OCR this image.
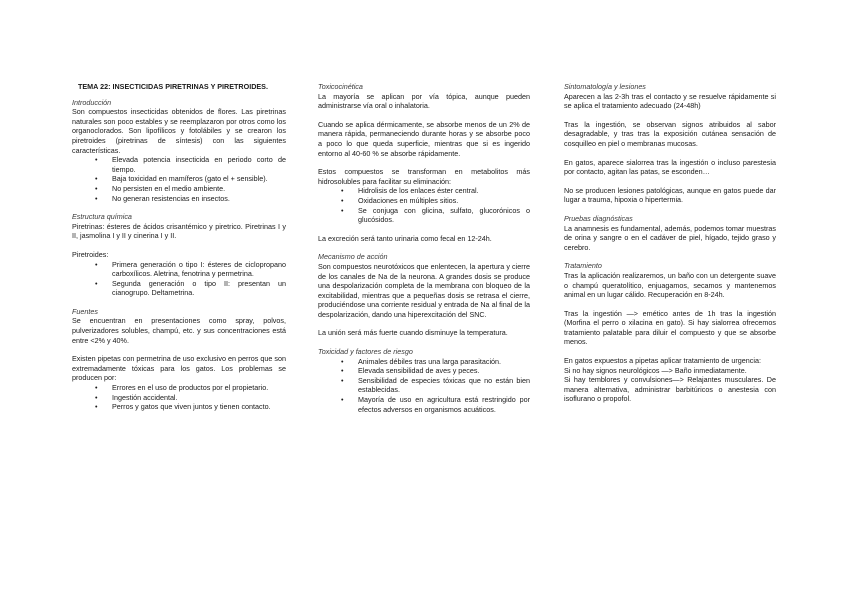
TEMA 22: INSECTICIDAS PIRETRINAS Y PIRETROIDES.
Introducción

Son compuestos insecticidas obtenidos de flores. Las piretrinas naturales son poco estables y se reemplazaron por otros como los organoclorados. Son lipofílicos y fotolábiles y se crearon los piretroides (piretrinas de síntesis) con las siguientes características.

• Elevada potencia insecticida en periodo corto de tiempo.
• Baja toxicidad en mamíferos (gato el + sensible).
• No persisten en el medio ambiente.
• No generan resistencias en insectos.
Estructura química

Piretrinas: ésteres de ácidos crisantémico y piretrico. Piretrinas I y II, jasmolina I y II y cinerina I y II.

Piretroides:
• Primera generación o tipo I: ésteres de ciclopropano carboxílicos. Aletrina, fenotrina y permetrina.
• Segunda generación o tipo II: presentan un cianogrupo. Deltametrina.
Fuentes

Se encuentran en presentaciones como spray, polvos, pulverizadores solubles, champú, etc. y sus concentraciones está entre <2% y 40%.

Existen pipetas con permetrina de uso exclusivo en perros que son extremadamente tóxicas para los gatos. Los problemas se producen por:

• Errores en el uso de productos por el propietario.
• Ingestión accidental.
• Perros y gatos que viven juntos y tienen contacto.
Toxicocinética

La mayoría se aplican por vía tópica, aunque pueden administrarse vía oral o inhalatoria.

Cuando se aplica dérmicamente, se absorbe menos de un 2% de manera rápida, permaneciendo durante horas y se absorbe poco a poco lo que queda superficie, mientras que si es ingerido entorno al 40-60 % se absorbe rápidamente.

Estos compuestos se transforman en metabolitos más hidrosolubles para facilitar su eliminación:

• Hidrolisis de los enlaces éster central.
• Oxidaciones en múltiples sitios.
• Se conjuga con glicina, sulfato, glucorónicos o glucósidos.

La excreción será tanto urinaria como fecal en 12-24h.

Mecanismo de acción

Son compuestos neurotóxicos que enlentecen, la apertura y cierre de los canales de Na de la neurona. A grandes dosis se produce una despolarización completa de la membrana con bloqueo de la excitabilidad, mientras que a pequeñas dosis se retrasa el cierre, produciéndose una corriente residual y entrada de Na al final de la despolarización, dando una hiperexcitación del SNC.

La unión será más fuerte cuando disminuye la temperatura.

Toxicidad y factores de riesgo
• Animales débiles tras una larga parasitación.
• Elevada sensibilidad de aves y peces.
• Sensibilidad de especies tóxicas que no están bien establecidas.
• Mayoría de uso en agricultura está restringido por efectos adversos en organismos acuáticos.
Sintomatología y lesiones

Aparecen a las 2-3h tras el contacto y se resuelve rápidamente si se aplica el tratamiento adecuado (24-48h)

Tras la ingestión, se observan signos atribuidos al sabor desagradable, y tras tras la exposición cutánea sensación de cosquilleo en piel o membranas mucosas.

En gatos, aparece sialorrea tras la ingestión o incluso parestesia por contacto, agitan las patas, se esconden…

No se producen lesiones patológicas, aunque en gatos puede dar lugar a trauma, hipoxia o hipertermia.

Pruebas diagnósticas

La anamnesis es fundamental, además, podemos tomar muestras de orina y sangre o en el cadáver de piel, hígado, tejido graso y cerebro.

Tratamiento

Tras la aplicación realizaremos, un baño con un detergente suave o champú queratolítico, enjuagamos, secamos y mantenemos animal en un lugar cálido. Recuperación en 8-24h.

Tras la ingestión —> emético antes de 1h tras la ingestión (Morfina el perro o xilacina en gato). Si hay sialorrea ofrecemos tratamiento palatable para diluir el compuesto y que se absorbe menos.

En gatos expuestos a pipetas aplicar tratamiento de urgencia:

Si no hay signos neurológicos —> Baño inmediatamente.
Si hay temblores y convulsiones—> Relajantes musculares. De manera alternativa, administrar barbitúricos o anestesia con isoflurano o propofol.
